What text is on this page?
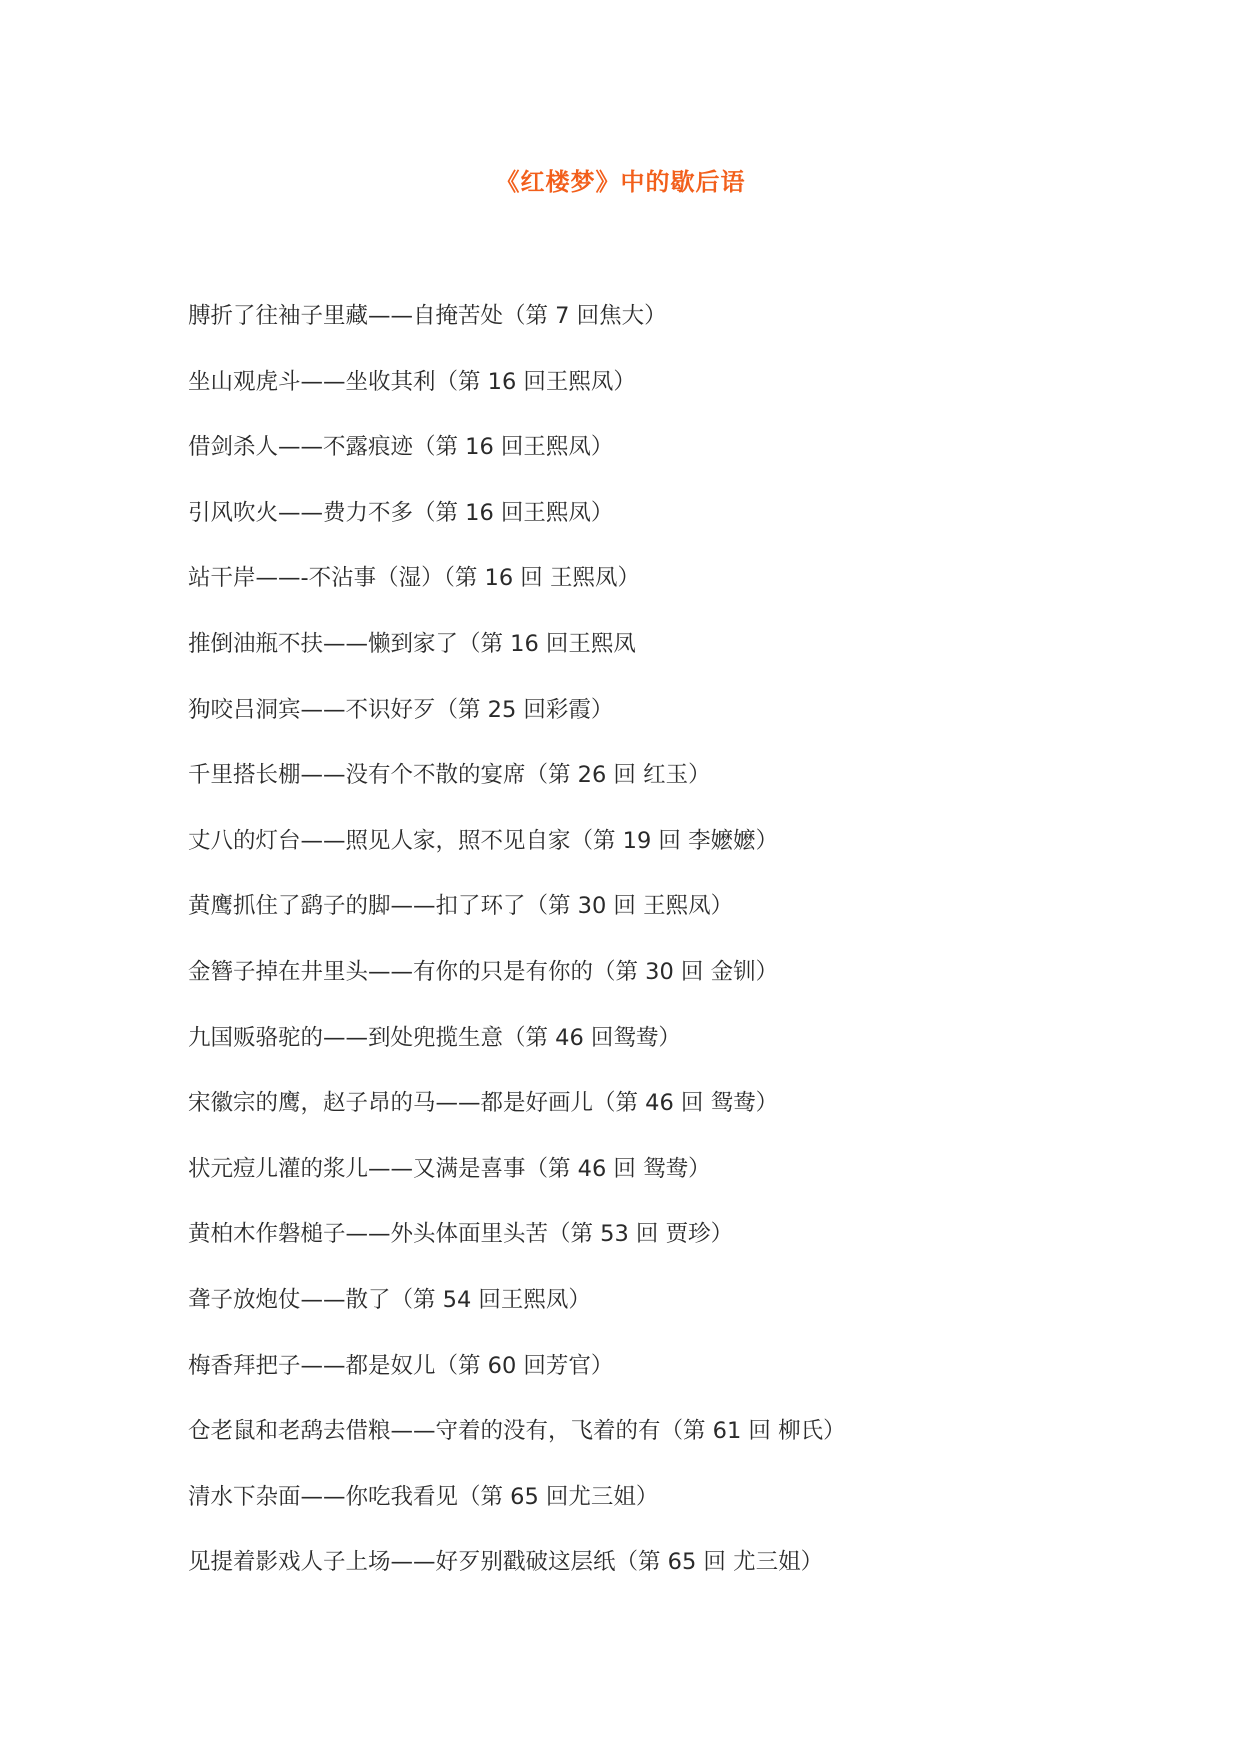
《红楼梦》中的歇后语
膊折了往袖子里藏——自掩苦处（第 7 回焦大）
坐山观虎斗——坐收其利（第 16 回王熙凤）
借剑杀人——不露痕迹（第 16 回王熙凤）
引风吹火——费力不多（第 16 回王熙凤）
站干岸——-不沾事（湿）（第 16 回 王熙凤）
推倒油瓶不扶——懒到家了（第 16 回王熙凤
狗咬吕洞宾——不识好歹（第 25 回彩霞）
千里搭长棚——没有个不散的宴席（第 26 回 红玉）
丈八的灯台——照见人家，照不见自家（第 19 回 李嬷嬷）
黄鹰抓住了鹞子的脚——扣了环了（第 30 回 王熙凤）
金簪子掉在井里头——有你的只是有你的（第 30 回 金钏）
九国贩骆驼的——到处兜揽生意（第 46 回鸳鸯）
宋徽宗的鹰，赵子昂的马——都是好画儿（第 46 回 鸳鸯）
状元痘儿灌的浆儿——又满是喜事（第 46 回 鸳鸯）
黄柏木作磐槌子——外头体面里头苦（第 53 回 贾珍）
聋子放炮仗——散了（第 54 回王熙凤）
梅香拜把子——都是奴儿（第 60 回芳官）
仓老鼠和老鸹去借粮——守着的没有，飞着的有（第 61 回 柳氏）
清水下杂面——你吃我看见（第 65 回尤三姐）
见提着影戏人子上场——好歹别戳破这层纸（第 65 回 尤三姐）
